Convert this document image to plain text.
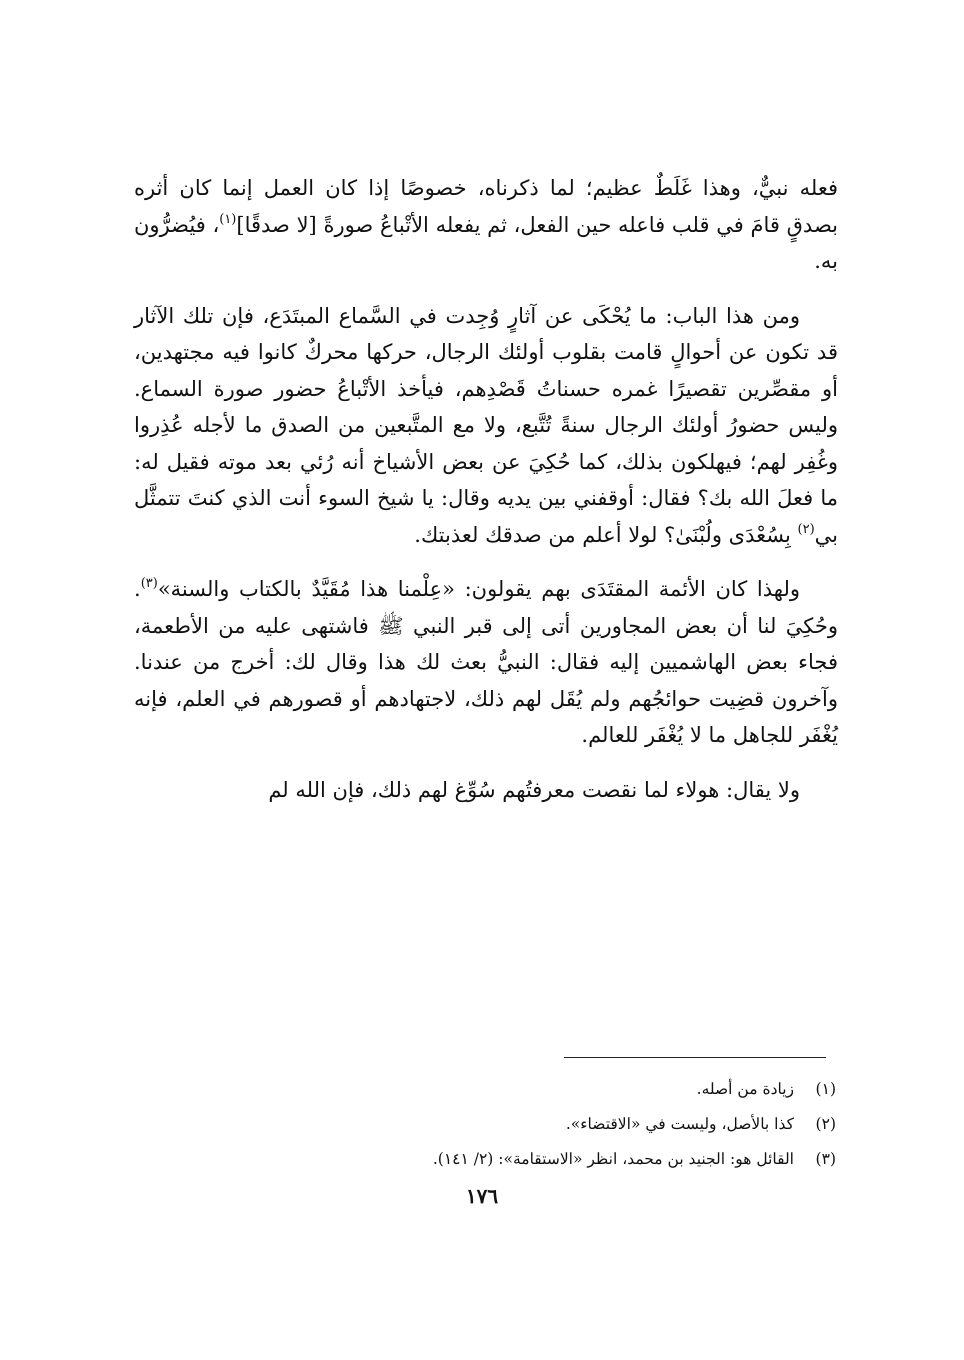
فعله نبيٌّ، وهذا غَلَطٌ عظيم؛ لما ذكرناه، خصوصًا إذا كان العمل إنما كان أثره بصدقٍ قامَ في قلب فاعله حين الفعل، ثم يفعله الأتْباعُ صورةً [لا صدقًا]$^{(١)}$، فيُضرُّون به.

ومن هذا الباب: ما يُحْكَى عن آثارٍ وُجِدت في السَّماع المبتَدَع، فإن تلك الآثار قد تكون عن أحوالٍ قامت بقلوب أولئك الرجال، حركها محركٌ كانوا فيه مجتهدين، أو مقصِّرين تقصيرًا غمره حسناتُ قَصْدِهم، فيأخذ الأتْباعُ حضور صورة السماع. وليس حضورُ أولئك الرجال سنةً تُتَّبع، ولا مع المتَّبعين من الصدق ما لأجله عُذِروا وغُفِر لهم؛ فيهلكون بذلك، كما حُكِيَ عن بعض الأشياخ أنه رُئي بعد موته فقيل له: ما فعلَ الله بك؟ فقال: أوقفني بين يديه وقال: يا شيخ السوء أنت الذي كنتَ تتمثَّل بي$^{(٢)}$ بِسُعْدَى ولُبْنَىٰ؟ لولا أعلم من صدقك لعذبتك.

ولهذا كان الأئمة المقتَدَى بهم يقولون: «عِلْمنا هذا مُقَيَّدٌ بالكتاب والسنة»$^{(٣)}$. وحُكِيَ لنا أن بعض المجاورين أتى إلى قبر النبي ﷺ فاشتهى عليه من الأطعمة، فجاء بعض الهاشميين إليه فقال: النبيُّ بعث لك هذا وقال لك: أخرج من عندنا. وآخرون قضِيت حوائجُهم ولم يُقَل لهم ذلك، لاجتهادهم أو قصورهم في العلم، فإنه يُغْفَر للجاهل ما لا يُغْفَر للعالم.

ولا يقال: هولاء لما نقصت معرفتُهم سُوِّغ لهم ذلك، فإن الله لم

(١)زيادة من أصله.

(٢)كذا بالأصل، وليست في «الاقتضاء».

(٣)القائل هو: الجنيد بن محمد، انظر «الاستقامة»: (٢/ ١٤١).

١٧٦
